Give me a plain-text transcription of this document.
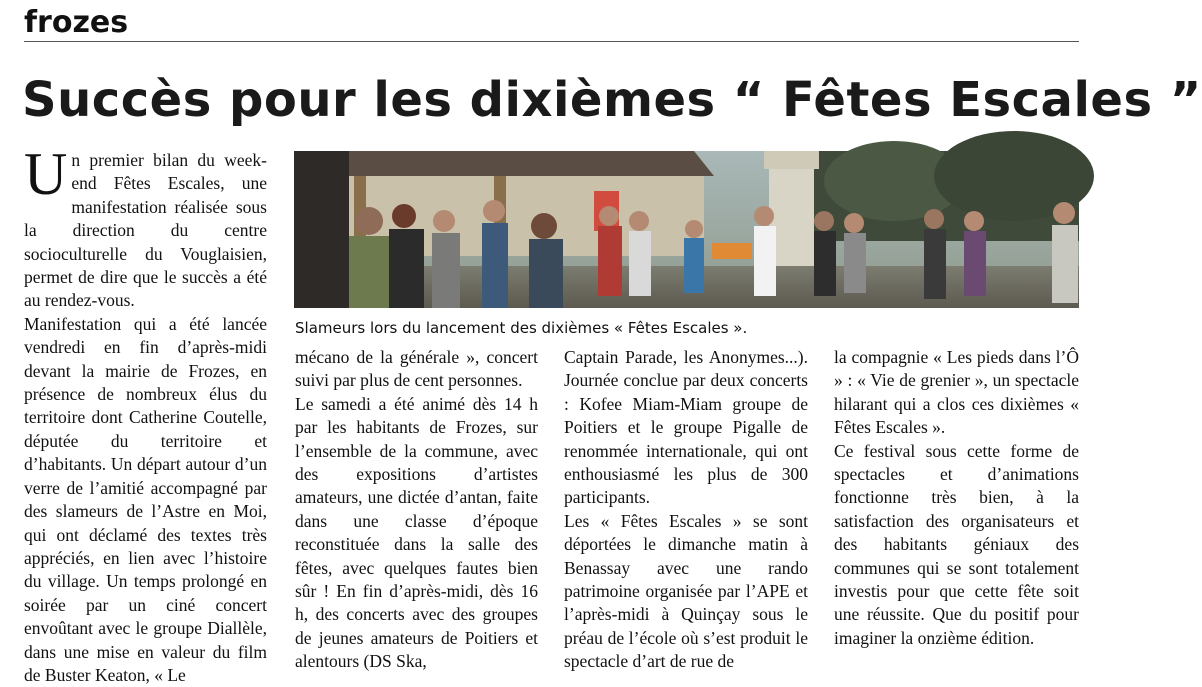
frozes
Succès pour les dixièmes “ Fêtes Escales ”

Un premier bilan du week-end Fêtes Escales, une manifestation réalisée sous la direction du centre socioculturelle du Vouglaisien, permet de dire que le succès a été au rendez-vous.

Manifestation qui a été lancée vendredi en fin d’après-midi devant la mairie de Frozes, en présence de nombreux élus du territoire dont Catherine Coutelle, députée du territoire et d’habitants. Un départ autour d’un verre de l’amitié accompagné par des slameurs de l’Astre en Moi, qui ont déclamé des textes très appréciés, en lien avec l’histoire du village. Un temps prolongé en soirée par un ciné concert envoûtant avec le groupe Diallèle, dans une mise en valeur du film de Buster Keaton, « Le

Slameurs lors du lancement des dixièmes « Fêtes Escales ».

mécano de la générale », concert suivi par plus de cent personnes.

Le samedi a été animé dès 14 h par les habitants de Frozes, sur l’ensemble de la commune, avec des expositions d’artistes amateurs, une dictée d’antan, faite dans une classe d’époque reconstituée dans la salle des fêtes, avec quelques fautes bien sûr ! En fin d’après-midi, dès 16 h, des concerts avec des groupes de jeunes amateurs de Poitiers et alentours (DS Ska,

Captain Parade, les Anonymes...). Journée conclue par deux concerts : Kofee Miam-Miam groupe de Poitiers et le groupe Pigalle de renommée internationale, qui ont enthousiasmé les plus de 300 participants.

Les « Fêtes Escales » se sont déportées le dimanche matin à Benassay avec une rando patrimoine organisée par l’APE et l’après-midi à Quinçay sous le préau de l’école où s’est produit le spectacle d’art de rue de

la compagnie « Les pieds dans l’Ô » : « Vie de grenier », un spectacle hilarant qui a clos ces dixièmes « Fêtes Escales ».

Ce festival sous cette forme de spectacles et d’animations fonctionne très bien, à la satisfaction des organisateurs et des habitants géniaux des communes qui se sont totalement investis pour que cette fête soit une réussite. Que du positif pour imaginer la onzième édition.
